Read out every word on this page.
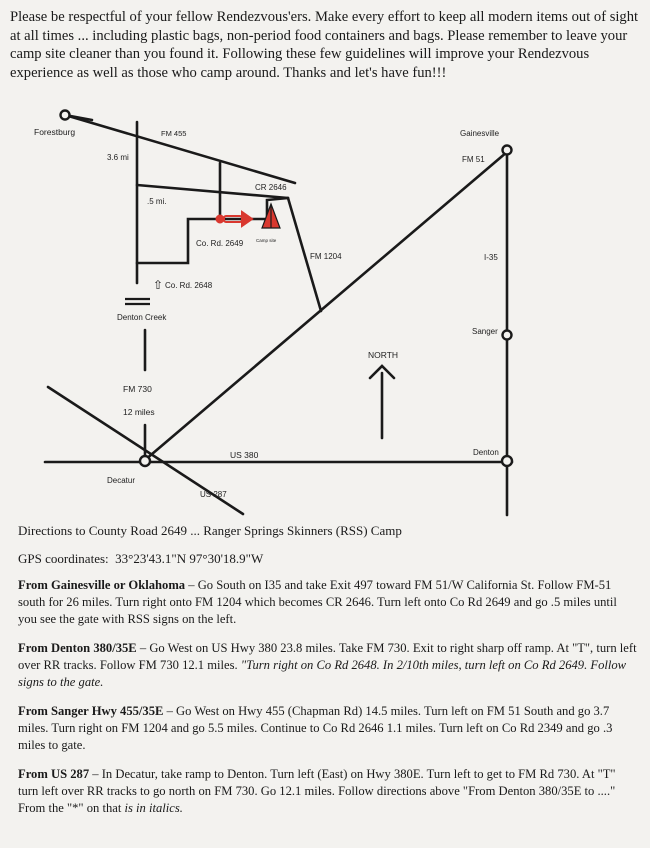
Please be respectful of your fellow Rendezvous'ers. Make every effort to keep all modern items out of sight at all times ... including plastic bags, non-period food containers and bags. Please remember to leave your camp site cleaner than you found it. Following these few guidelines will improve your Rendezvous experience as well as those who camp around. Thanks and let's have fun!!!
Forestburg	FM 455	Gainesville
FM 51
3.6 mi
CR 2646
.5 mi.
Camp site
Co. Rd. 2649
FM 1204	I-35
⇧ Co. Rd. 2648
Denton Creek
Sanger
NORTH
FM 730
12 miles
Denton
US 380
Decatur
US 287

Directions to County Road 2649 ... Ranger Springs Skinners (RSS) Camp

GPS coordinates: 33°23'43.1"N 97°30'18.9"W

From Gainesville or Oklahoma – Go South on I35 and take Exit 497 toward FM 51/W California St. Follow FM-51 south for 26 miles. Turn right onto FM 1204 which becomes CR 2646. Turn left onto Co Rd 2649 and go .5 miles until you see the gate with RSS signs on the left.

From Denton 380/35E – Go West on US Hwy 380 23.8 miles. Take FM 730. Exit to right sharp off ramp. At "T", turn left over RR tracks. Follow FM 730 12.1 miles. "Turn right on Co Rd 2648. In 2/10th miles, turn left on Co Rd 2649. Follow signs to the gate.

From Sanger Hwy 455/35E – Go West on Hwy 455 (Chapman Rd) 14.5 miles. Turn left on FM 51 South and go 3.7 miles. Turn right on FM 1204 and go 5.5 miles. Continue to Co Rd 2646 1.1 miles. Turn left on Co Rd 2349 and go .3 miles to gate.

From US 287 – In Decatur, take ramp to Denton. Turn left (East) on Hwy 380E. Turn left to get to FM Rd 730. At "T" turn left over RR tracks to go north on FM 730. Go 12.1 miles. Follow directions above "From Denton 380/35E to ...." From the "*" on that is in italics.
